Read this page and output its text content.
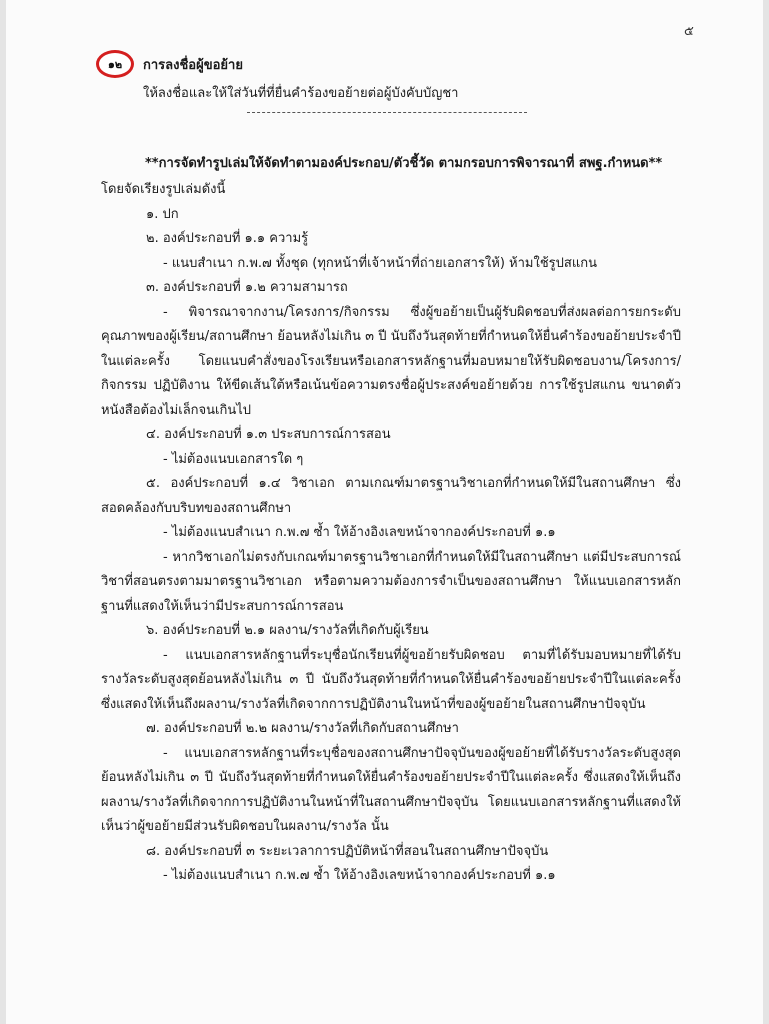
๕
๑๒	การลงชื่อผู้ขอย้าย
ให้ลงชื่อและให้ใส่วันที่ที่ยื่นคำร้องขอย้ายต่อผู้บังคับบัญชา
**การจัดทำรูปเล่มให้จัดทำตามองค์ประกอบ/ตัวชี้วัด ตามกรอบการพิจารณาที่ สพฐ.กำหนด**

โดยจัดเรียงรูปเล่มดังนี้

๑. ปก

๒. องค์ประกอบที่ ๑.๑ ความรู้

- แนบสำเนา ก.พ.๗ ทั้งชุด (ทุกหน้าที่เจ้าหน้าที่ถ่ายเอกสารให้) ห้ามใช้รูปสแกน

๓. องค์ประกอบที่ ๑.๒ ความสามารถ

- พิจารณาจากงาน/โครงการ/กิจกรรม ซึ่งผู้ขอย้ายเป็นผู้รับผิดชอบที่ส่งผลต่อการยกระดับคุณภาพของผู้เรียน/สถานศึกษา ย้อนหลังไม่เกิน ๓ ปี นับถึงวันสุดท้ายที่กำหนดให้ยื่นคำร้องขอย้ายประจำปีในแต่ละครั้ง โดยแนบคำสั่งของโรงเรียนหรือเอกสารหลักฐานที่มอบหมายให้รับผิดชอบงาน/โครงการ/กิจกรรม ปฏิบัติงาน ให้ขีดเส้นใต้หรือเน้นข้อความตรงชื่อผู้ประสงค์ขอย้ายด้วย การใช้รูปสแกน ขนาดตัวหนังสือต้องไม่เล็กจนเกินไป

๔. องค์ประกอบที่ ๑.๓ ประสบการณ์การสอน

- ไม่ต้องแนบเอกสารใด ๆ

๕. องค์ประกอบที่ ๑.๔ วิชาเอก ตามเกณฑ์มาตรฐานวิชาเอกที่กำหนดให้มีในสถานศึกษา ซึ่งสอดคล้องกับบริบทของสถานศึกษา

- ไม่ต้องแนบสำเนา ก.พ.๗ ซ้ำ ให้อ้างอิงเลขหน้าจากองค์ประกอบที่ ๑.๑

- หากวิชาเอกไม่ตรงกับเกณฑ์มาตรฐานวิชาเอกที่กำหนดให้มีในสถานศึกษา แต่มีประสบการณ์วิชาที่สอนตรงตามมาตรฐานวิชาเอก หรือตามความต้องการจำเป็นของสถานศึกษา ให้แนบเอกสารหลักฐานที่แสดงให้เห็นว่ามีประสบการณ์การสอน

๖. องค์ประกอบที่ ๒.๑ ผลงาน/รางวัลที่เกิดกับผู้เรียน

- แนบเอกสารหลักฐานที่ระบุชื่อนักเรียนที่ผู้ขอย้ายรับผิดชอบ ตามที่ได้รับมอบหมายที่ได้รับรางวัลระดับสูงสุดย้อนหลังไม่เกิน ๓ ปี นับถึงวันสุดท้ายที่กำหนดให้ยื่นคำร้องขอย้ายประจำปีในแต่ละครั้ง ซึ่งแสดงให้เห็นถึงผลงาน/รางวัลที่เกิดจากการปฏิบัติงานในหน้าที่ของผู้ขอย้ายในสถานศึกษาปัจจุบัน

๗. องค์ประกอบที่ ๒.๒ ผลงาน/รางวัลที่เกิดกับสถานศึกษา

- แนบเอกสารหลักฐานที่ระบุชื่อของสถานศึกษาปัจจุบันของผู้ขอย้ายที่ได้รับรางวัลระดับสูงสุดย้อนหลังไม่เกิน ๓ ปี นับถึงวันสุดท้ายที่กำหนดให้ยื่นคำร้องขอย้ายประจำปีในแต่ละครั้ง ซึ่งแสดงให้เห็นถึงผลงาน/รางวัลที่เกิดจากการปฏิบัติงานในหน้าที่ในสถานศึกษาปัจจุบัน โดยแนบเอกสารหลักฐานที่แสดงให้เห็นว่าผู้ขอย้ายมีส่วนรับผิดชอบในผลงาน/รางวัล นั้น

๘. องค์ประกอบที่ ๓ ระยะเวลาการปฏิบัติหน้าที่สอนในสถานศึกษาปัจจุบัน

- ไม่ต้องแนบสำเนา ก.พ.๗ ซ้ำ ให้อ้างอิงเลขหน้าจากองค์ประกอบที่ ๑.๑
